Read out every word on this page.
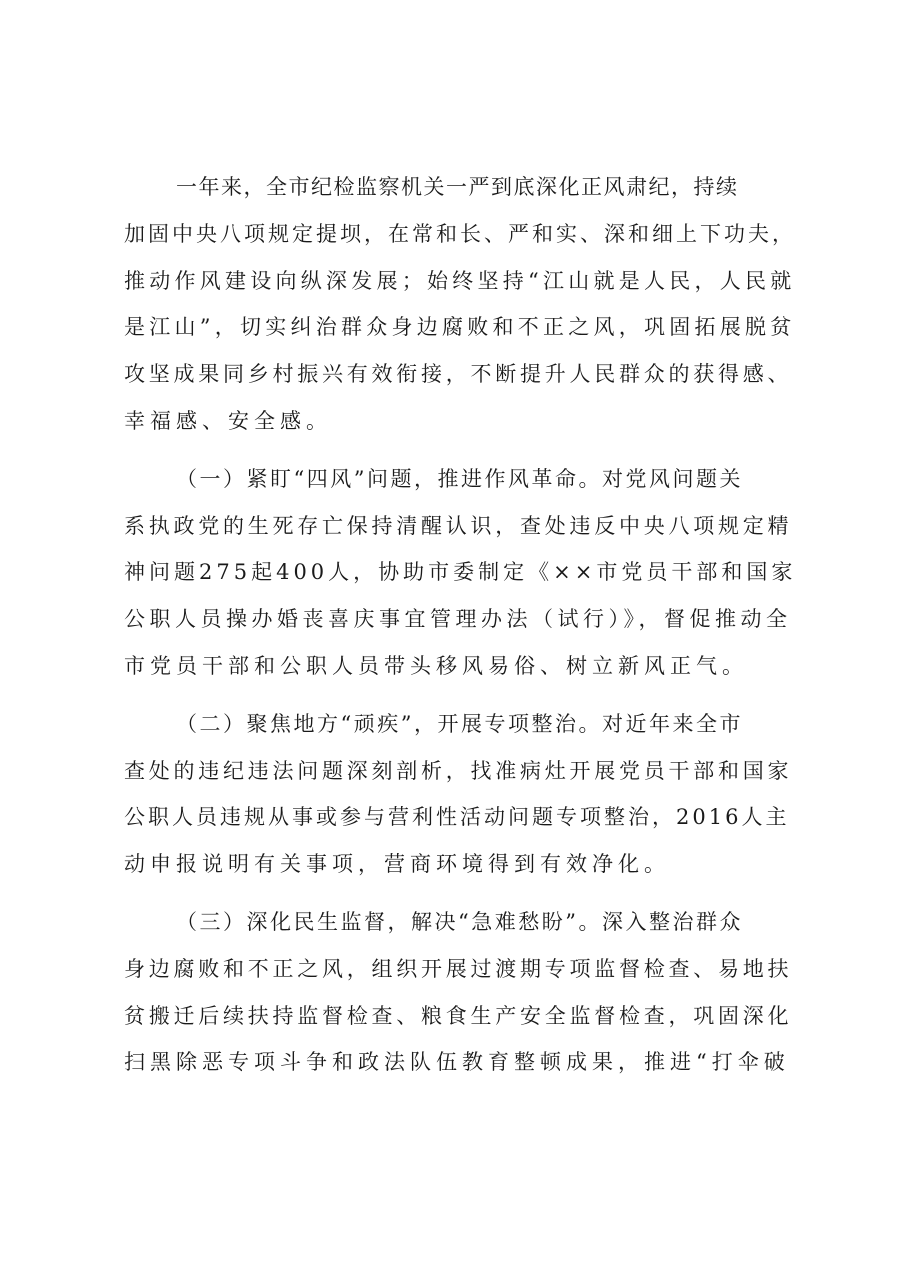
一年来，全市纪检监察机关一严到底深化正风肃纪，持续
加固中央八项规定提坝，在常和长、严和实、深和细上下功夫，
推动作风建设向纵深发展；始终坚持“江山就是人民，人民就
是江山”，切实纠治群众身边腐败和不正之风，巩固拓展脱贫
攻坚成果同乡村振兴有效衔接，不断提升人民群众的获得感、
幸福感、安全感。

（一）紧盯“四风”问题，推进作风革命。对党风问题关
系执政党的生死存亡保持清醒认识，查处违反中央八项规定精
神问题275起400人，协助市委制定《××市党员干部和国家
公职人员操办婚丧喜庆事宜管理办法（试行）》，督促推动全
市党员干部和公职人员带头移风易俗、树立新风正气。

（二）聚焦地方“顽疾”，开展专项整治。对近年来全市
查处的违纪违法问题深刻剖析，找准病灶开展党员干部和国家
公职人员违规从事或参与营利性活动问题专项整治，2016人主
动申报说明有关事项，营商环境得到有效净化。

（三）深化民生监督，解决“急难愁盼”。深入整治群众
身边腐败和不正之风，组织开展过渡期专项监督检查、易地扶
贫搬迁后续扶持监督检查、粮食生产安全监督检查，巩固深化
扫黑除恶专项斗争和政法队伍教育整顿成果，推进“打伞破
